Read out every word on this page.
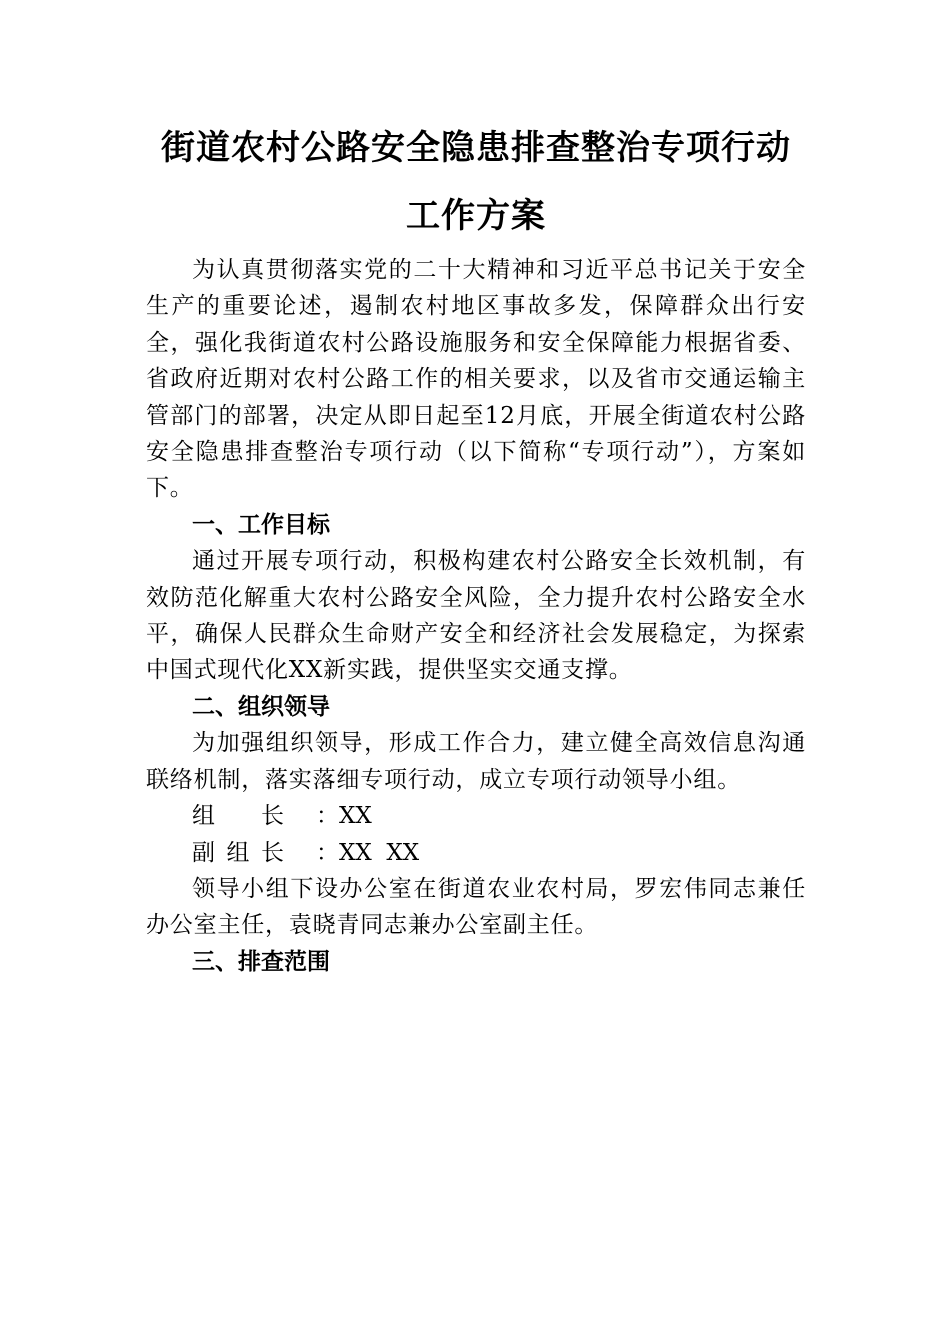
街道农村公路安全隐患排查整治专项行动
工作方案

为认真贯彻落实党的二十大精神和习近平总书记关于安全生产的重要论述，遏制农村地区事故多发，保障群众出行安全，强化我街道农村公路设施服务和安全保障能力根据省委、省政府近期对农村公路工作的相关要求，以及省市交通运输主管部门的部署，决定从即日起至12月底，开展全街道农村公路安全隐患排查整治专项行动（以下简称“专项行动”），方案如下。

一、工作目标

通过开展专项行动，积极构建农村公路安全长效机制，有效防范化解重大农村公路安全风险，全力提升农村公路安全水平，确保人民群众生命财产安全和经济社会发展稳定，为探索中国式现代化XX新实践，提供坚实交通支撑。

二、组织领导

为加强组织领导，形成工作合力，建立健全高效信息沟通联络机制，落实落细专项行动，成立专项行动领导小组。

组长 ：XX

副组长 ：XX  XX

领导小组下设办公室在街道农业农村局，罗宏伟同志兼任办公室主任，袁晓青同志兼办公室副主任。

三、排查范围
